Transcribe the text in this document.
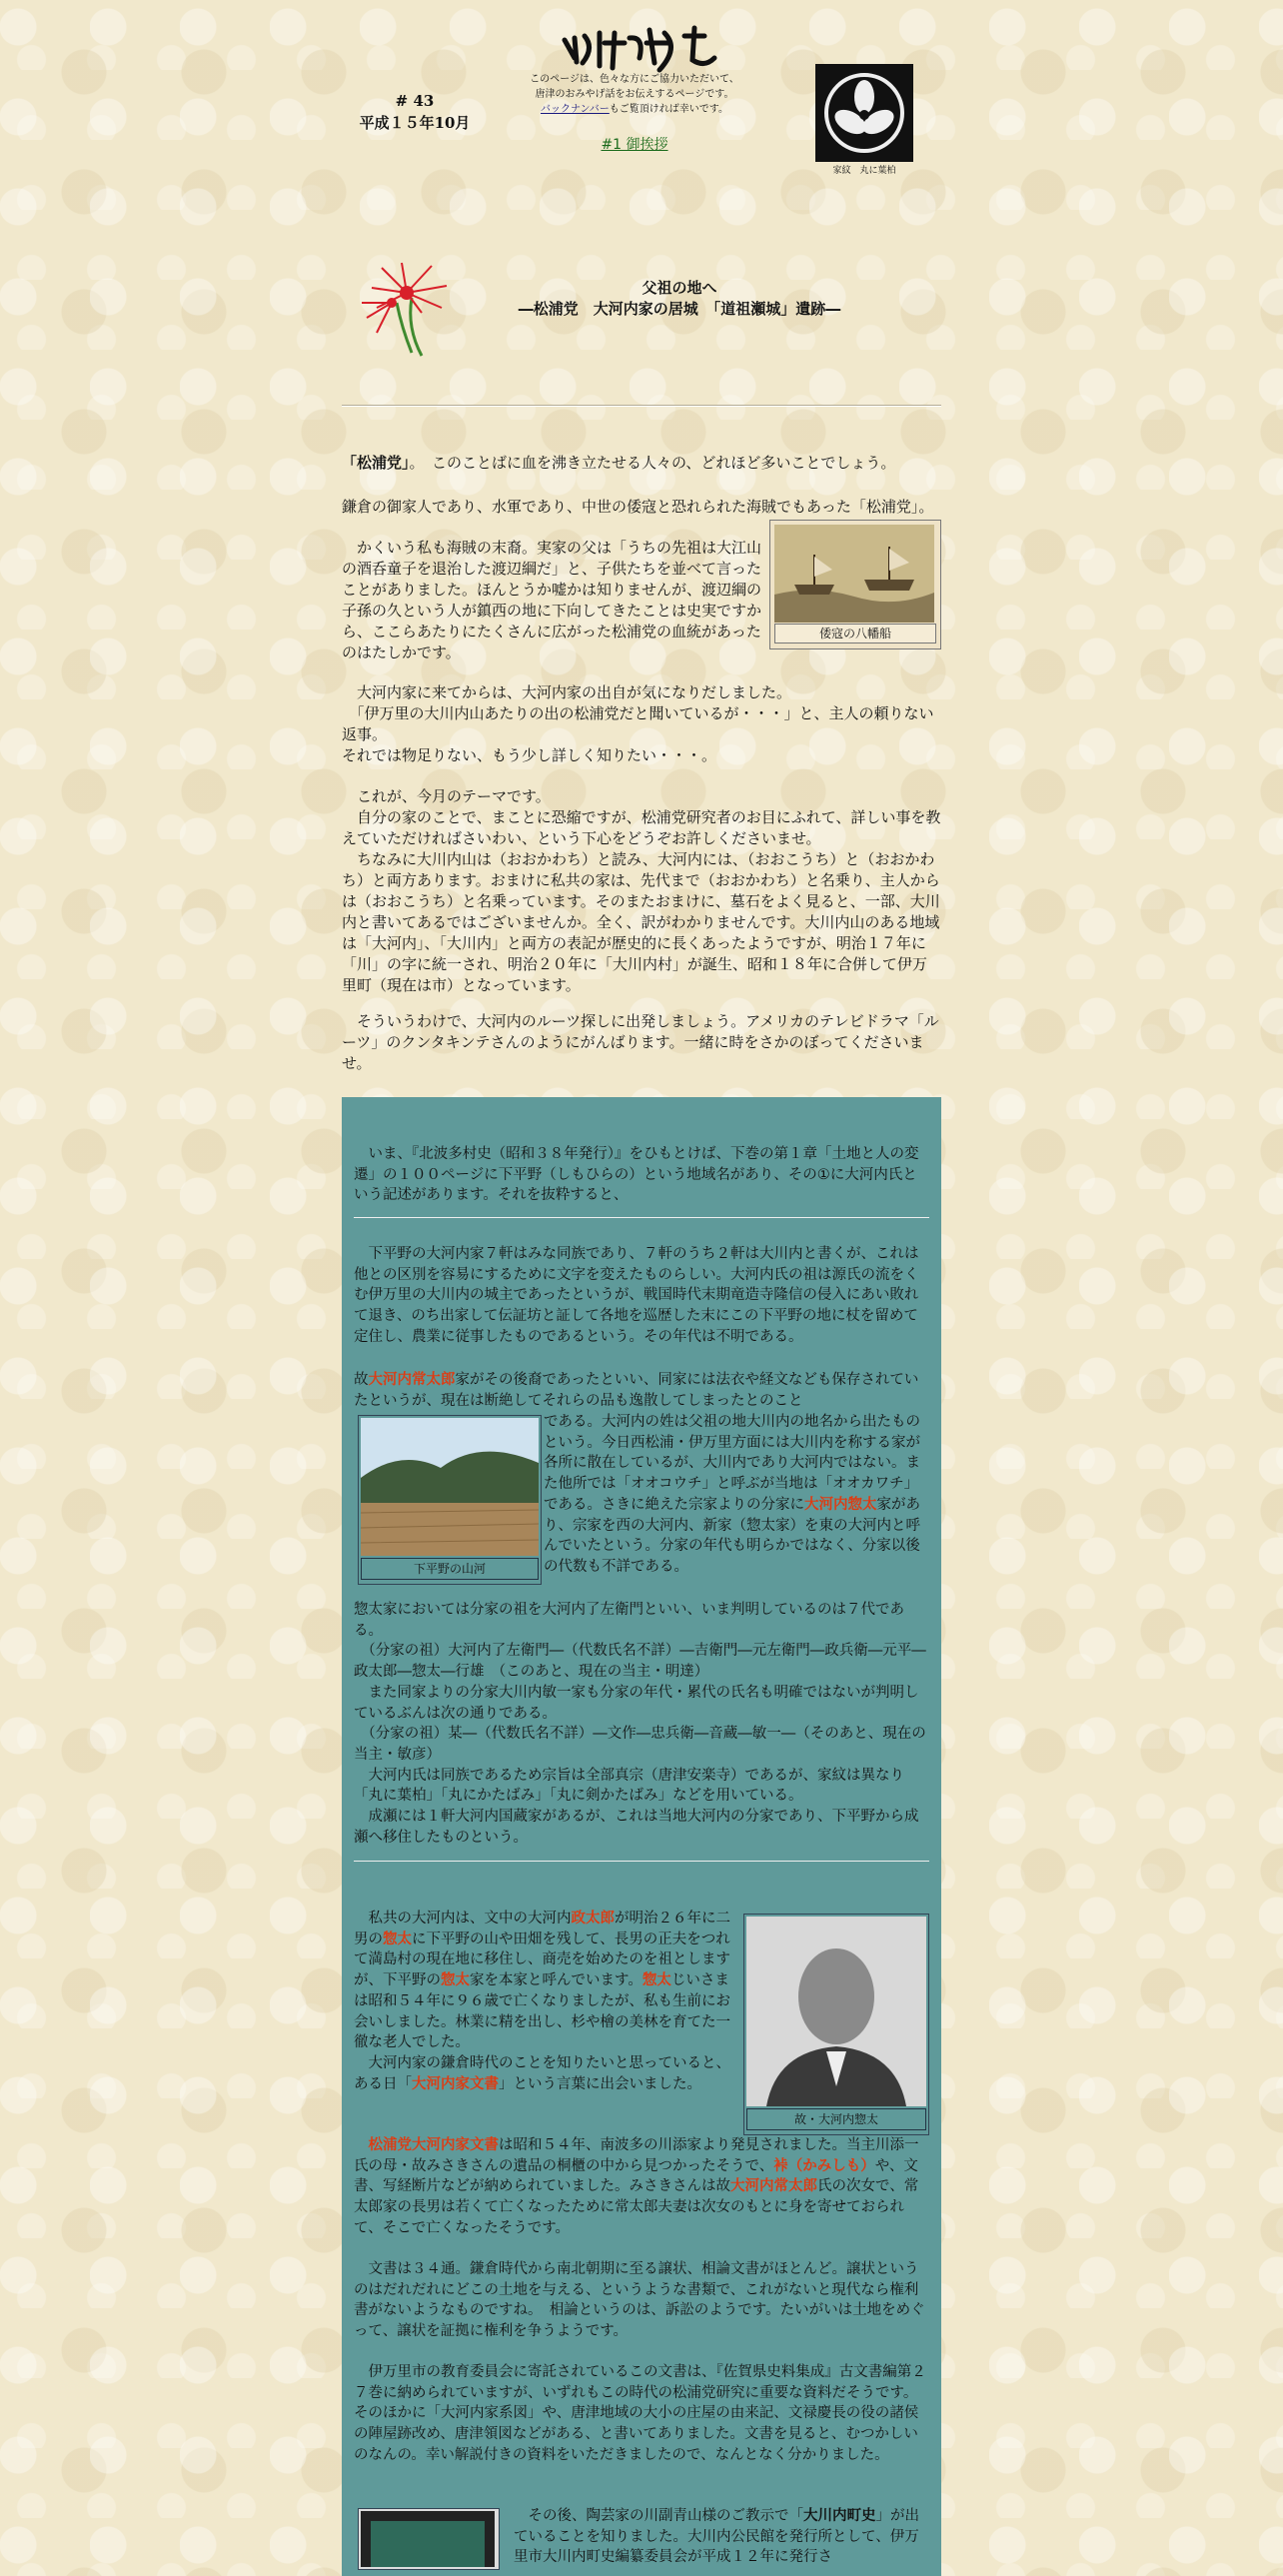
# 43
平成１５年10月
このページは、色々な方にご協力いただいて、
唐津のおみやげ話をお伝えするページです。
バックナンバーもご覧頂ければ幸いです。
#1 御挨拶
家紋　丸に葉柏
父祖の地へ
―松浦党　大河内家の居城　「道祖瀬城」遺跡―
「松浦党」。　このことばに血を沸き立たせる人々の、どれほど多いことでしょう。
鎌倉の御家人であり、水軍であり、中世の倭寇と恐れられた海賊でもあった「松浦党」。
　かくいう私も海賊の末裔。実家の父は「うちの先祖は大江山の酒呑童子を退治した渡辺綱だ」と、子供たちを並べて言ったことがありました。ほんとうか嘘かは知りませんが、渡辺綱の子孫の久という人が鎮西の地に下向してきたことは史実ですから、ここらあたりにたくさんに広がった松浦党の血統があったのはたしかです。
倭寇の八幡船
　大河内家に来てからは、大河内家の出自が気になりだしました。
　「伊万里の大川内山あたりの出の松浦党だと聞いているが・・・」と、主人の頼りない返事。
それでは物足りない、もう少し詳しく知りたい・・・。
　これが、今月のテーマです。
　自分の家のことで、まことに恐縮ですが、松浦党研究者のお目にふれて、詳しい事を教えていただければさいわい、という下心をどうぞお許しくださいませ。
　ちなみに大川内山は（おおかわち）と読み、大河内には、（おおこうち）と（おおかわち）と両方あります。おまけに私共の家は、先代まで（おおかわち）と名乗り、主人からは（おおこうち）と名乗っています。そのまたおまけに、墓石をよく見ると、一部、大川内と書いてあるではございませんか。全く、訳がわかりませんです。大川内山のある地域は「大河内」、「大川内」と両方の表記が歴史的に長くあったようですが、明治１７年に「川」の字に統一され、明治２０年に「大川内村」が誕生、昭和１８年に合併して伊万里町（現在は市）となっています。
　そういうわけで、大河内のルーツ探しに出発しましょう。アメリカのテレビドラマ「ルーツ」のクンタキンテさんのようにがんばります。一緒に時をさかのぼってくださいませ。
　いま、『北波多村史（昭和３８年発行）』をひもとけば、下巻の第１章「土地と人の変遷」の１００ページに下平野（しもひらの）という地域名があり、その①に大河内氏という記述があります。それを抜粋すると、
　下平野の大河内家７軒はみな同族であり、７軒のうち２軒は大川内と書くが、これは他との区別を容易にするために文字を変えたものらしい。大河内氏の祖は源氏の流をくむ伊万里の大川内の城主であったというが、戦国時代末期竜造寺隆信の侵入にあい敗れて退き、のち出家して伝証坊と証して各地を巡歴した末にこの下平野の地に杖を留めて定住し、農業に従事したものであるという。その年代は不明である。
故大河内常太郎家がその後裔であったといい、同家には法衣や経文なども保存されていたというが、現在は断絶してそれらの品も逸散してしまったとのこと
下平野の山河
である。大河内の姓は父祖の地大川内の地名から出たものという。今日西松浦・伊万里方面には大川内を称する家が各所に散在しているが、大川内であり大河内ではない。また他所では「オオコウチ」と呼ぶが当地は「オオカワチ」である。さきに絶えた宗家よりの分家に大河内惣太家があり、宗家を西の大河内、新家（惣太家）を東の大河内と呼んでいたという。分家の年代も明らかではなく、分家以後の代数も不詳である。
惣太家においては分家の祖を大河内了左衛門といい、いま判明しているのは７代である。
　（分家の祖）大河内了左衛門―（代数氏名不詳）―吉衛門―元左衛門―政兵衛―元平―政太郎―惣太―行雄　（このあと、現在の当主・明達）
　また同家よりの分家大川内敏一家も分家の年代・累代の氏名も明確ではないが判明しているぶんは次の通りである。
　（分家の祖）某―（代数氏名不詳）―文作―忠兵衛―音蔵―敏一―（そのあと、現在の当主・敏彦）
　大河内氏は同族であるため宗旨は全部真宗（唐津安楽寺）であるが、家紋は異なり「丸に葉柏」「丸にかたばみ」「丸に剣かたばみ」などを用いている。
　成瀬には１軒大河内国蔵家があるが、これは当地大河内の分家であり、下平野から成瀬へ移住したものという。
　私共の大河内は、文中の大河内政太郎が明治２６年に二男の惣太に下平野の山や田畑を残して、長男の正夫をつれて満島村の現在地に移住し、商売を始めたのを祖としますが、下平野の惣太家を本家と呼んでいます。惣太じいさまは昭和５４年に９６歳で亡くなりましたが、私も生前にお会いしました。林業に精を出し、杉や檜の美林を育てた一徹な老人でした。
故・大河内惣太
　大河内家の鎌倉時代のことを知りたいと思っていると、ある日「大河内家文書」という言葉に出会いました。
　松浦党大河内家文書は昭和５４年、南波多の川添家より発見されました。当主川添一氏の母・故みさきさんの遺品の桐櫃の中から見つかったそうで、裃（かみしも）や、文書、写経断片などが納められていました。みさきさんは故大河内常太郎氏の次女で、常太郎家の長男は若くて亡くなったために常太郎夫妻は次女のもとに身を寄せておられて、そこで亡くなったそうです。
　文書は３４通。鎌倉時代から南北朝期に至る譲状、相論文書がほとんど。譲状というのはだれだれにどこの土地を与える、というような書類で、これがないと現代なら権利書がないようなものですね。　相論というのは、訴訟のようです。たいがいは土地をめぐって、譲状を証拠に権利を争うようです。
　伊万里市の教育委員会に寄託されているこの文書は、『佐賀県史料集成』古文書編第２７巻に納められていますが、いずれもこの時代の松浦党研究に重要な資料だそうです。そのほかに「大河内家系図」や、唐津地域の大小の庄屋の由来記、文禄慶長の役の諸侯の陣屋跡改め、唐津領図などがある、と書いてありました。文書を見ると、むつかしいのなんの。幸い解説付きの資料をいただきましたので、なんとなく分かりました。
　その後、陶芸家の川副青山様のご教示で「大川内町史」が出ていることを知りました。大川内公民館を発行所として、伊万里市大川内町史編纂委員会が平成１２年に発行さ
